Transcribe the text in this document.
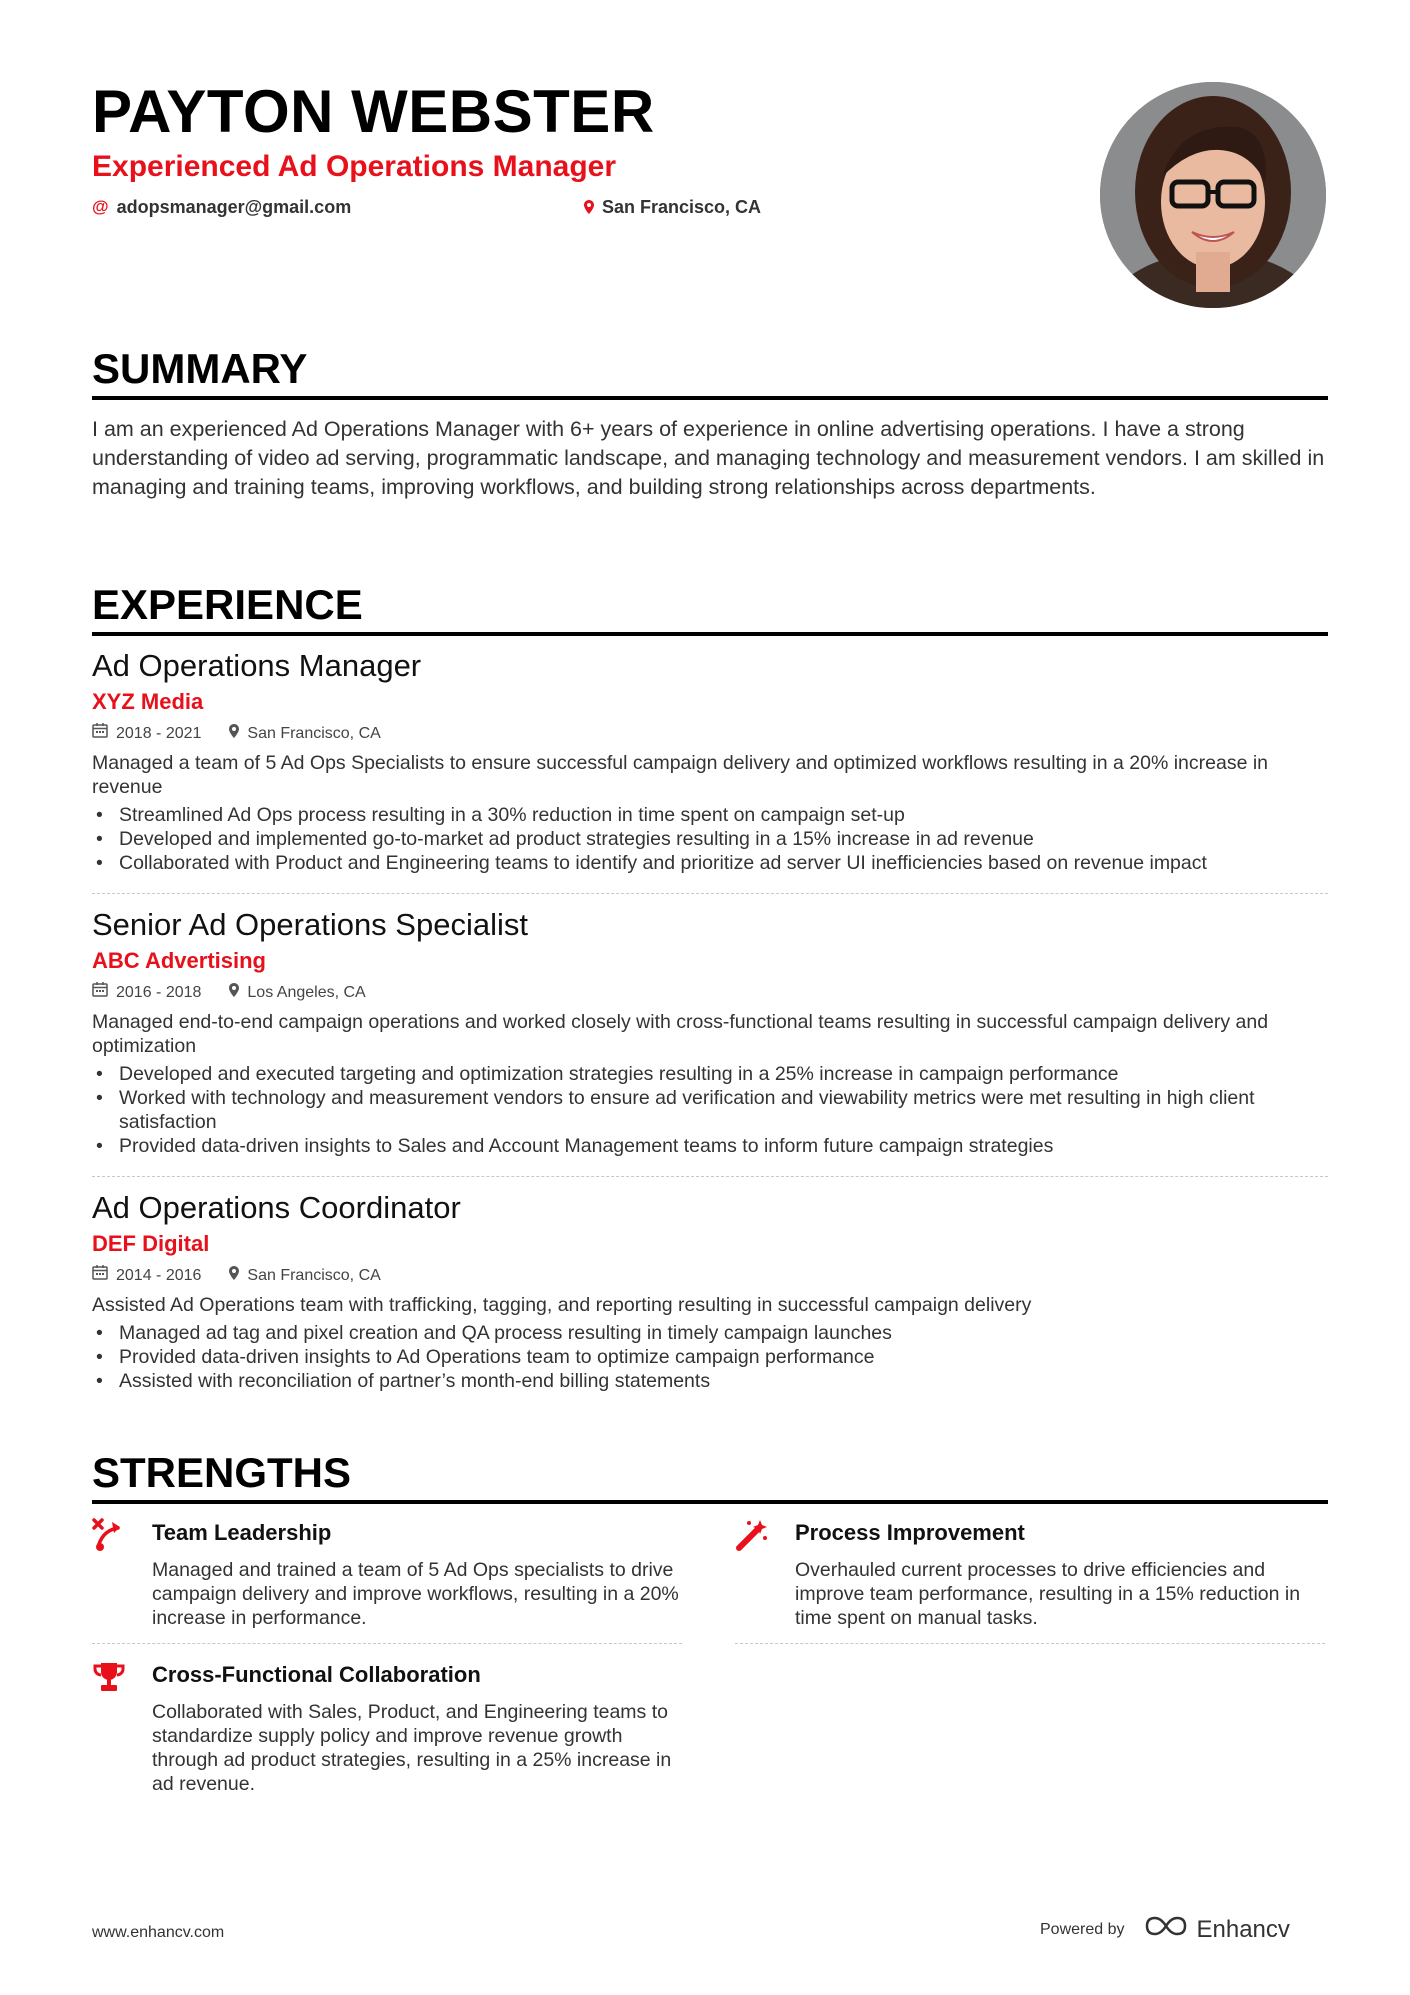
PAYTON WEBSTER
Experienced Ad Operations Manager
@ adopsmanager@gmail.com	San Francisco, CA
SUMMARY
I am an experienced Ad Operations Manager with 6+ years of experience in online advertising operations. I have a strong understanding of video ad serving, programmatic landscape, and managing technology and measurement vendors. I am skilled in managing and training teams, improving workflows, and building strong relationships across departments.
EXPERIENCE
Ad Operations Manager
XYZ Media
2018 - 2021	San Francisco, CA
Managed a team of 5 Ad Ops Specialists to ensure successful campaign delivery and optimized workflows resulting in a 20% increase in revenue
• Streamlined Ad Ops process resulting in a 30% reduction in time spent on campaign set-up
• Developed and implemented go-to-market ad product strategies resulting in a 15% increase in ad revenue
• Collaborated with Product and Engineering teams to identify and prioritize ad server UI inefficiencies based on revenue impact
Senior Ad Operations Specialist
ABC Advertising
2016 - 2018	Los Angeles, CA
Managed end-to-end campaign operations and worked closely with cross-functional teams resulting in successful campaign delivery and optimization
• Developed and executed targeting and optimization strategies resulting in a 25% increase in campaign performance
• Worked with technology and measurement vendors to ensure ad verification and viewability metrics were met resulting in high client satisfaction
• Provided data-driven insights to Sales and Account Management teams to inform future campaign strategies
Ad Operations Coordinator
DEF Digital
2014 - 2016	San Francisco, CA
Assisted Ad Operations team with trafficking, tagging, and reporting resulting in successful campaign delivery
• Managed ad tag and pixel creation and QA process resulting in timely campaign launches
• Provided data-driven insights to Ad Operations team to optimize campaign performance
• Assisted with reconciliation of partner’s month-end billing statements
STRENGTHS
Team Leadership
Managed and trained a team of 5 Ad Ops specialists to drive campaign delivery and improve workflows, resulting in a 20% increase in performance.
Process Improvement
Overhauled current processes to drive efficiencies and improve team performance, resulting in a 15% reduction in time spent on manual tasks.
Cross-Functional Collaboration
Collaborated with Sales, Product, and Engineering teams to standardize supply policy and improve revenue growth through ad product strategies, resulting in a 25% increase in ad revenue.
www.enhancv.com	Powered by	Enhancv
